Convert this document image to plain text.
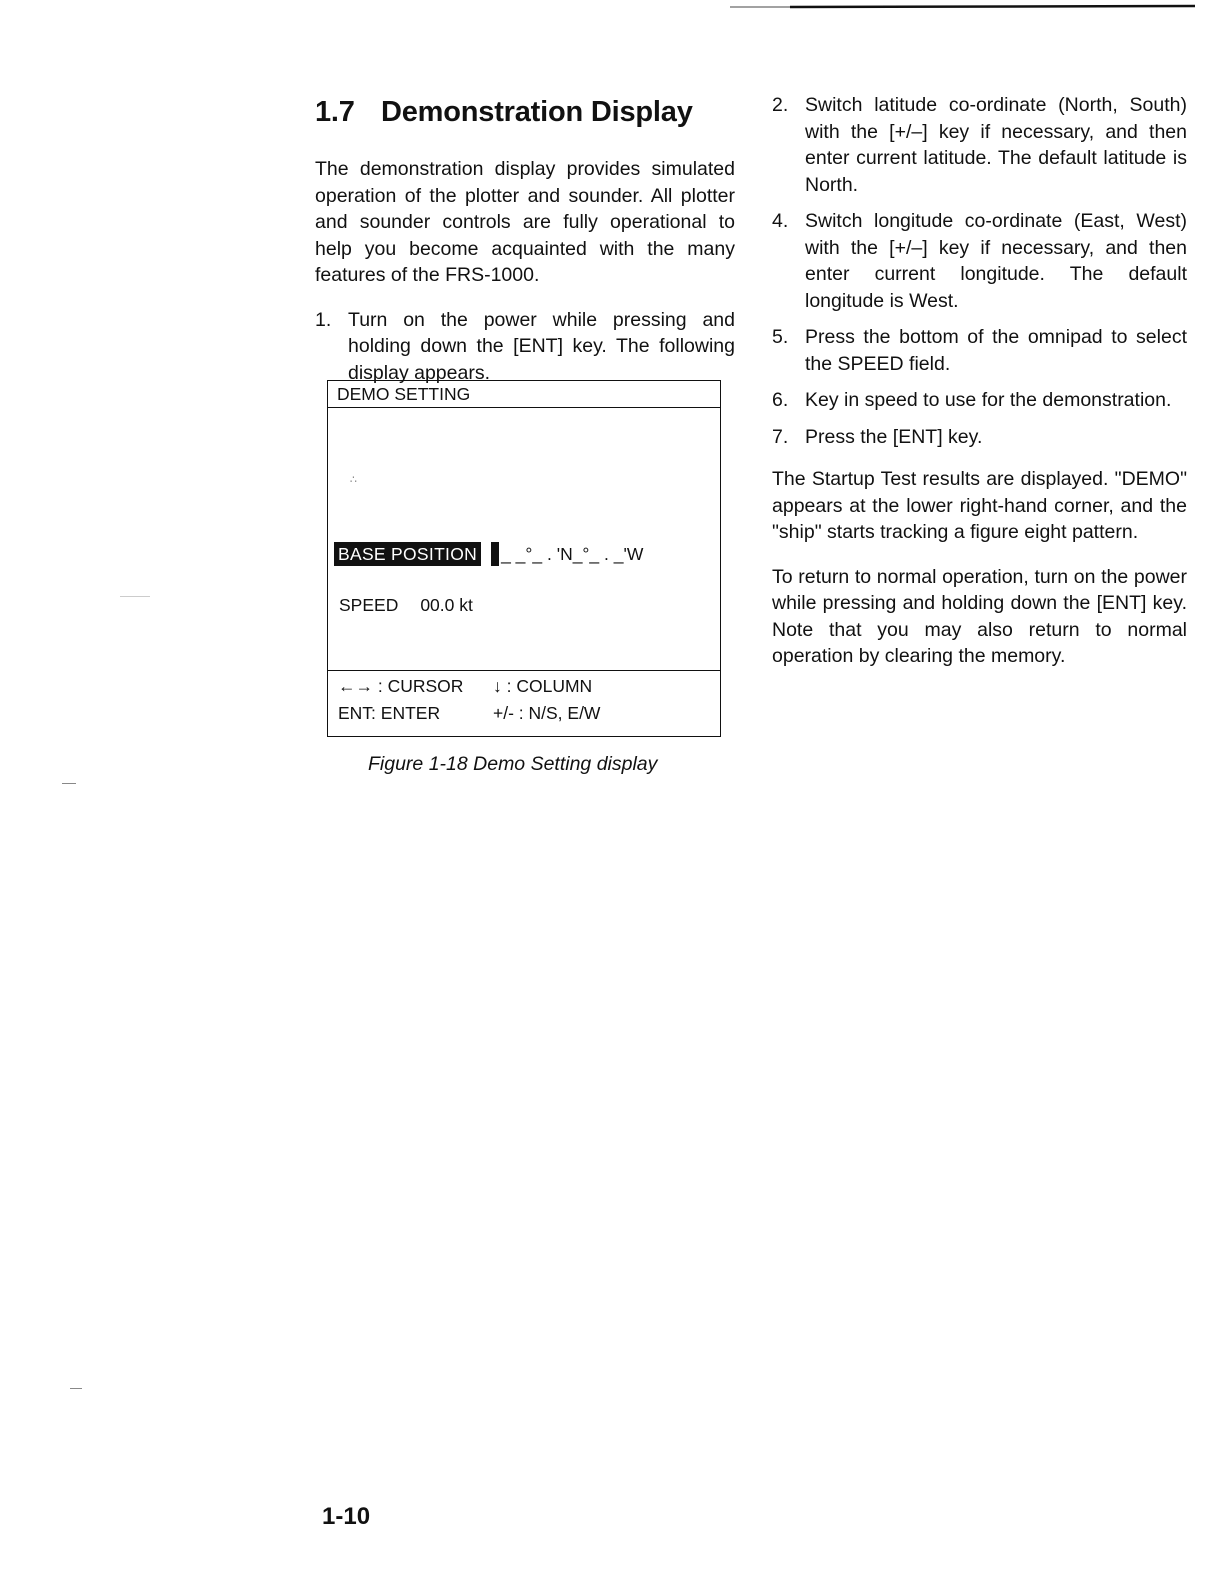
1.7 Demonstration Display

The demonstration display provides simulated operation of the plotter and sounder. All plotter and sounder controls are fully operational to help you become acquainted with the many features of the FRS-1000.

1. Turn on the power while pressing and holding down the [ENT] key. The following display appears.
DEMO SETTING
∴
BASE POSITION _ _°_ . 'N_°_ . _'W
SPEED 00.0 kt
←→ : CURSOR ↓ : COLUMN
ENT: ENTER	+/- : N/S, E/W
Figure 1-18 Demo Setting display
2. Switch latitude co-ordinate (North, South) with the [+/–] key if necessary, and then enter current latitude. The default latitude is North.
4. Switch longitude co-ordinate (East, West) with the [+/–] key if necessary, and then enter current longitude. The default longitude is West.
5. Press the bottom of the omnipad to select the SPEED field.
6. Key in speed to use for the demonstration.
7. Press the [ENT] key.

The Startup Test results are displayed. "DEMO" appears at the lower right-hand corner, and the "ship" starts tracking a figure eight pattern.

To return to normal operation, turn on the power while pressing and holding down the [ENT] key. Note that you may also return to normal operation by clearing the memory.

1-10
